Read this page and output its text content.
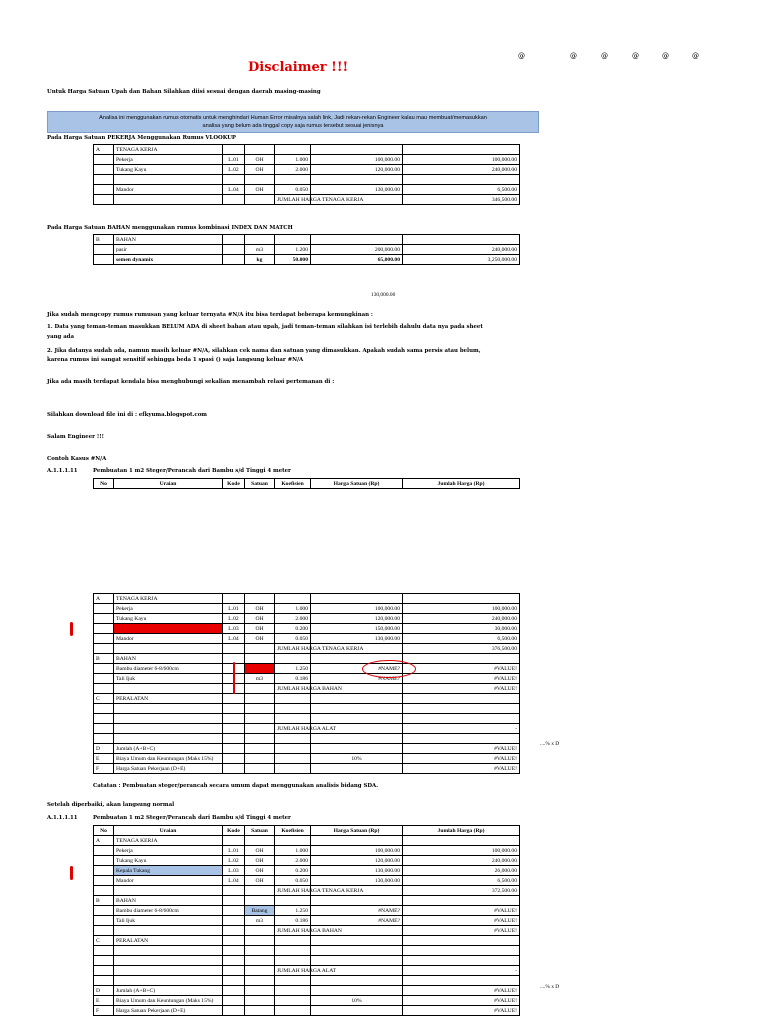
Disclaimer !!!
@	@	@	@	@	@
Untuk Harga Satuan Upah dan Bahan Silahkan diisi sesuai dengan daerah masing-masing
Analisa ini menggunakan rumus otomatis untuk menghindari Human Error misalnya salah link, Jadi rekan-rekan Engineer kalau mau membuat/memasukkan
analisa yang belum ada tinggal copy saja rumus tersebut sesuai jenisnya
Pada Harga Satuan PEKERJA Menggunakan Rumus VLOOKUP
A	TENAGA KERJA					
	Pekerja	L.01	OH	1.000	100,000.00	100,000.00
	Tukang Kayu	L.02	OH	2.000	120,000.00	240,000.00

	Mandor	L.04	OH	0.050	130,000.00	6,500.00
				JUMLAH HARGA TENAGA KERJA		346,500.00
Pada Harga Satuan BAHAN menggunakan rumus kombinasi INDEX DAN MATCH
B	BAHAN					
	pasir		m3	1.200	200,000.00	240,000.00
	semen dynamix		kg	50.000	65,000.00	3,250,000.00
130,000.00
Jika sudah mengcopy rumus rumusan yang keluar ternyata #N/A itu bisa terdapat beberapa kemungkinan :
1. Data yang teman-teman masukkan BELUM ADA di sheet bahan atau upah, jadi teman-teman silahkan isi terlebih dahulu data nya pada sheet
yang ada
2. Jika datanya sudah ada, namun masih keluar #N/A, silahkan cek nama dan satuan yang dimasukkan. Apakah sudah sama persis atau belum,
karena rumus ini sangat sensitif sehingga beda 1 spasi () saja langsung keluar #N/A
Jika ada masih terdapat kendala bisa menghubungi sekalian menambah relasi pertemanan di :
Silahkan download file ini di : efkyuma.blogspot.com
Salam Engineer !!!
Contoh Kasus #N/A
A.1.1.1.11	Pembuatan 1 m2 Steger/Perancah dari Bambu s/d Tinggi 4 meter
No	Uraian	Kode	Satuan	Koefisien	Harga Satuan (Rp)	Jumlah Harga (Rp)
A	TENAGA KERJA					
	Pekerja	L.01	OH	1.000	100,000.00	100,000.00
	Tukang Kayu	L.02	OH	2.000	120,000.00	240,000.00
	Kepala Tukang	L.03	OH	0.200	150,000.00	30,000.00
	Mandor	L.04	OH	0.050	130,000.00	6,500.00
				JUMLAH HARGA TENAGA KERJA		376,500.00
B	BAHAN					
	Bambu diameter 6-8/600cm		Batang	1.250	#NAME?	#VALUE!
	Tali Ijuk		m3	0.186	#NAME?	#VALUE!
				JUMLAH HARGA BAHAN		#VALUE!
C	PERALATAN					

				JUMLAH HARGA ALAT		-

D	Jumlah (A+B+C)					#VALUE!
E	Biaya Umum dan Keuntungan (Maks 15%)				10%	#VALUE!
F	Harga Satuan Pekerjaan (D+E)					#VALUE!
....% x D
Catatan : Pembuatan steger/perancah secara umum dapat menggunakan analisis bidang SDA.
Setelah diperbaiki, akan langsung normal
A.1.1.1.11	Pembuatan 1 m2 Steger/Perancah dari Bambu s/d Tinggi 4 meter
No	Uraian	Kode	Satuan	Koefisien	Harga Satuan (Rp)	Jumlah Harga (Rp)
A	TENAGA KERJA					
	Pekerja	L.01	OH	1.000	100,000.00	100,000.00
	Tukang Kayu	L.02	OH	2.000	120,000.00	240,000.00
	Kepala Tukang	L.03	OH	0.200	130,000.00	26,000.00
	Mandor	L.04	OH	0.050	130,000.00	6,500.00
				JUMLAH HARGA TENAGA KERJA		372,500.00
B	BAHAN					
	Bambu diameter 6-8/600cm		Batang	1.250	#NAME?	#VALUE!
	Tali Ijuk		m3	0.186	#NAME?	#VALUE!
				JUMLAH HARGA BAHAN		#VALUE!
C	PERALATAN					

				JUMLAH HARGA ALAT		-

D	Jumlah (A+B+C)					#VALUE!
E	Biaya Umum dan Keuntungan (Maks 15%)				10%	#VALUE!
F	Harga Satuan Pekerjaan (D+E)					#VALUE!
....% x D
